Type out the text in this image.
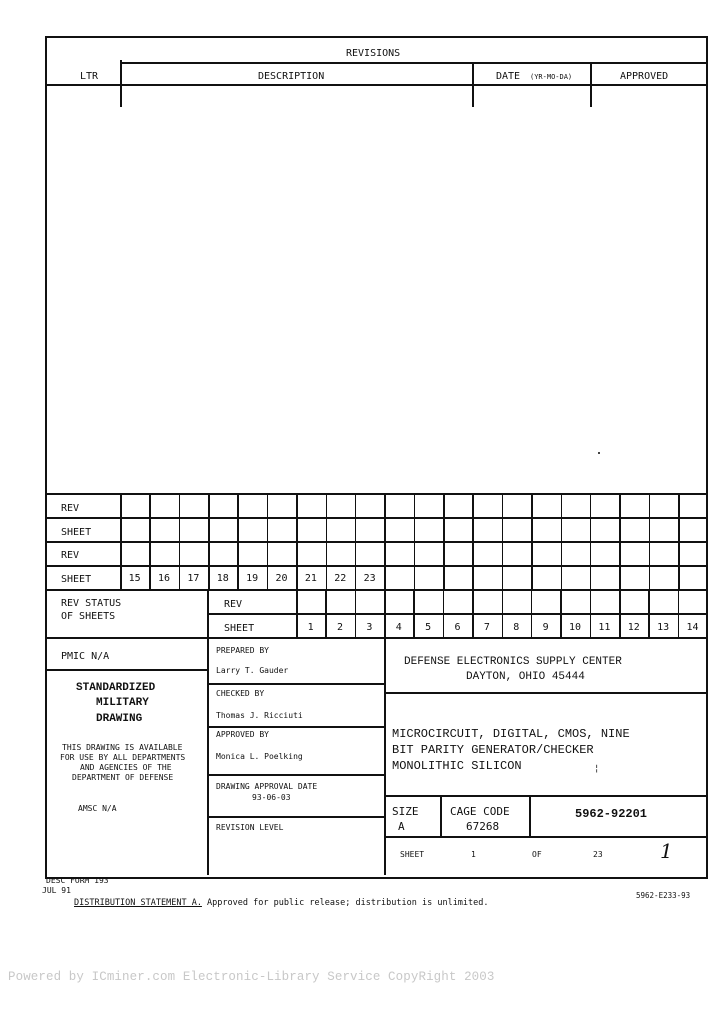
REVISIONS
LTR	DESCRIPTION	DATE (YR-MO-DA)	APPROVED
REV
SHEET
REV
SHEET	15	16	17	18	19	20	21	22	23
REV STATUS
OF SHEETS
REV
SHEET	1	2	3	4	5	6	7	8	9	10	11	12	13	14
PMIC N/A
STANDARDIZED
MILITARY
DRAWING
THIS DRAWING IS AVAILABLE
FOR USE BY ALL DEPARTMENTS
AND AGENCIES OF THE
DEPARTMENT OF DEFENSE
AMSC N/A
PREPARED BY
Larry T. Gauder
CHECKED BY
Thomas J. Ricciuti
APPROVED BY
Monica L. Poelking
DRAWING APPROVAL DATE
93-06-03
REVISION LEVEL
DEFENSE ELECTRONICS SUPPLY CENTER
DAYTON, OHIO 45444
MICROCIRCUIT, DIGITAL, CMOS, NINE
BIT PARITY GENERATOR/CHECKER
MONOLITHIC SILICON	¦
SIZE
A
CAGE CODE
67268
5962-92201
SHEET	1	OF	23	1
DESC FORM 193
JUL 91
DISTRIBUTION STATEMENT A. Approved for public release; distribution is unlimited.
5962-E233-93
Powered by ICminer.com Electronic-Library Service CopyRight 2003
